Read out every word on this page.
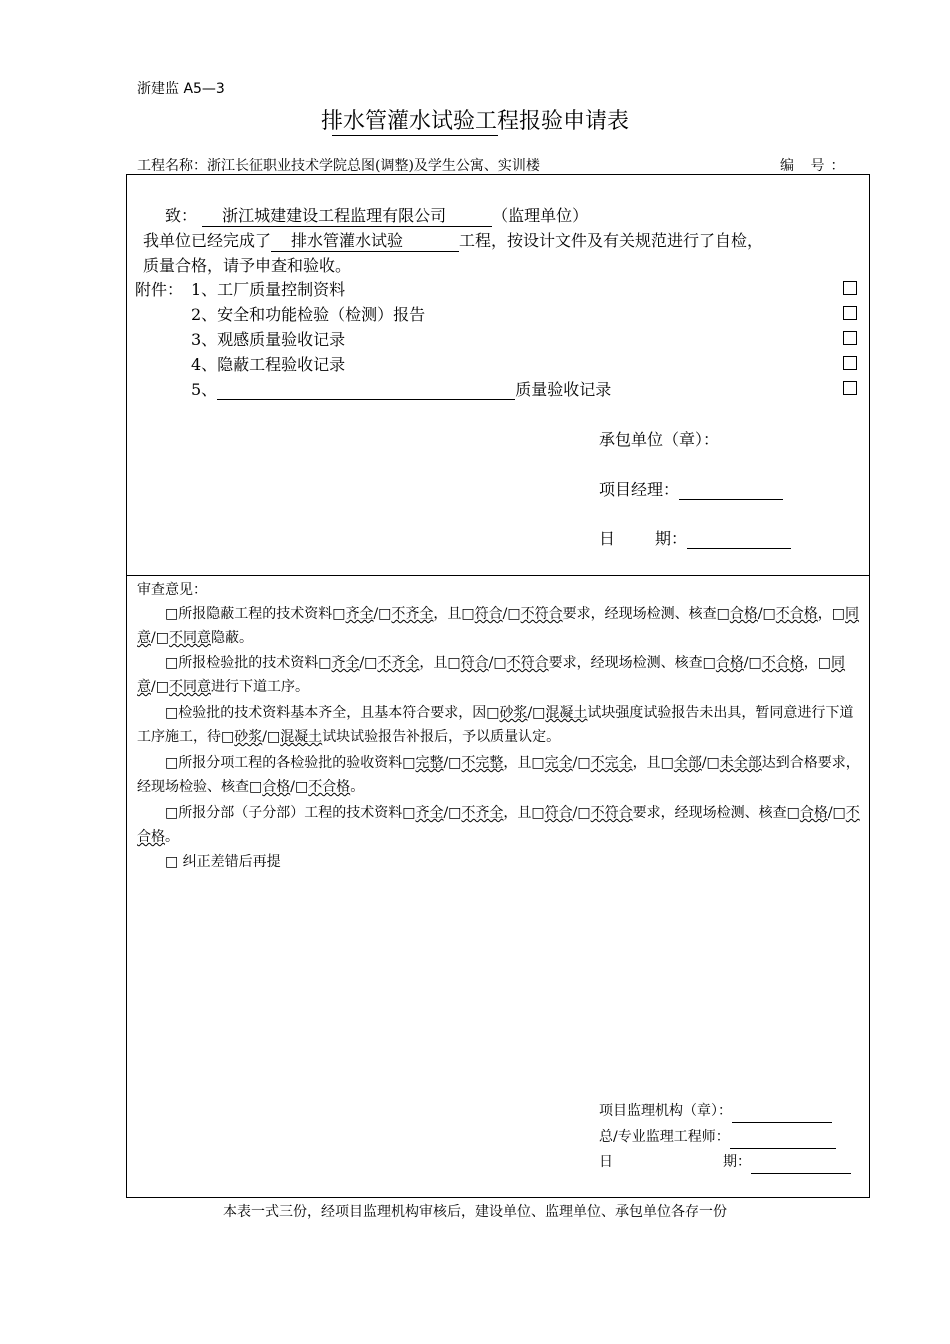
浙建监 A5—3
排水管灌水试验工程报验申请表
工程名称：浙江长征职业技术学院总图(调整)及学生公寓、实训楼	编 号：
致： 浙江城建建设工程监理有限公司	（监理单位）
我单位已经完成了 排水管灌水试验	工程，按设计文件及有关规范进行了自检，
质量合格，请予申查和验收。
附件： 1、工厂质量控制资料
2、安全和功能检验（检测）报告
3、观感质量验收记录
4、隐蔽工程验收记录
5、	质量验收记录
承包单位（章）：
项目经理：
日	期：
审查意见：
□所报隐蔽工程的技术资料□齐全/□不齐全，且□符合/□不符合要求，经现场检测、核查□合格/□不合格，□同意/□不同意隐蔽。
□所报检验批的技术资料□齐全/□不齐全，且□符合/□不符合要求，经现场检测、核查□合格/□不合格，□同意/□不同意进行下道工序。
□检验批的技术资料基本齐全，且基本符合要求，因□砂浆/□混凝土试块强度试验报告未出具，暂同意进行下道工序施工，待□砂浆/□混凝土试块试验报告补报后，予以质量认定。
□所报分项工程的各检验批的验收资料□完整/□不完整，且□完全/□不完全，且□全部/□未全部达到合格要求，经现场检验、核查□合格/□不合格。
□所报分部（子分部）工程的技术资料□齐全/□不齐全，且□符合/□不符合要求，经现场检测、核查□合格/□不合格。
□ 纠正差错后再提
项目监理机构（章）：
总/专业监理工程师：
日	期：
本表一式三份，经项目监理机构审核后，建设单位、监理单位、承包单位各存一份
